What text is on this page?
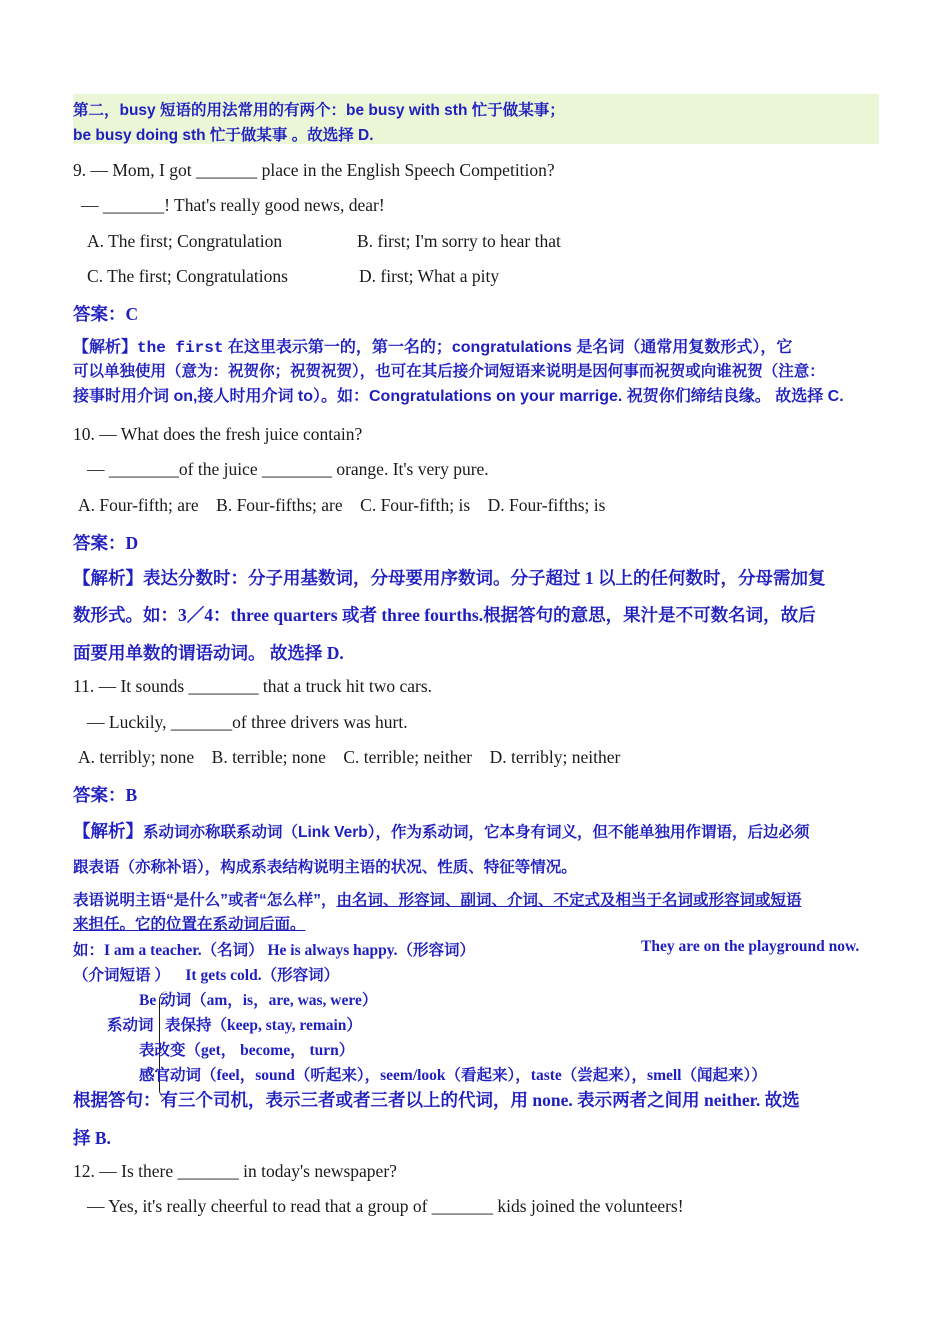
第二，busy 短语的用法常用的有两个：be busy with sth 忙于做某事；
be busy doing sth 忙于做某事 。故选择 D.
9. — Mom, I got _______ place in the English Speech Competition?
— _______! That's really good news, dear!
A. The first; Congratulation	B. first; I'm sorry to hear that
C. The first; Congratulations	D. first; What a pity
答案：C
【解析】the first 在这里表示第一的，第一名的；congratulations 是名词（通常用复数形式），它
可以单独使用（意为：祝贺你；祝贺祝贺），也可在其后接介词短语来说明是因何事而祝贺或向谁祝贺（注意：
接事时用介词 on,接人时用介词 to）。如：Congratulations on your marrige. 祝贺你们缔结良缘。 故选择 C.
10. — What does the fresh juice contain?
— ________of the juice ________ orange. It's very pure.
A. Four-fifth; are    B. Four-fifths; are    C. Four-fifth; is    D. Four-fifths; is
答案：D
【解析】表达分数时：分子用基数词，分母要用序数词。分子超过 1 以上的任何数时，分母需加复
数形式。如：3／4：three quarters 或者 three fourths.根据答句的意思，果汁是不可数名词，故后
面要用单数的谓语动词。 故选择 D.
11. — It sounds ________ that a truck hit two cars.
— Luckily, _______of three drivers was hurt.
A. terribly; none    B. terrible; none    C. terrible; neither    D. terribly; neither
答案：B
【解析】系动词亦称联系动词（Link Verb），作为系动词，它本身有词义，但不能单独用作谓语，后边必须
跟表语（亦称补语），构成系表结构说明主语的状况、性质、特征等情况。
表语说明主语“是什么”或者“怎么样”，由名词、形容词、副词、介词、不定式及相当于名词或形容词或短语
来担任。它的位置在系动词后面。
如：I am a teacher.（名词） He is always happy.（形容词）	They are on the playground now.
（介词短语 ）    It gets cold.（形容词）
Be 动词（am，is，are, was, were）
系动词 表保持（keep, stay, remain）
表改变（get， become， turn）
感官动词（feel，sound（听起来），seem/look（看起来），taste（尝起来），smell（闻起来））
根据答句：有三个司机，表示三者或者三者以上的代词，用 none. 表示两者之间用 neither. 故选
择 B.
12. — Is there _______ in today's newspaper?
— Yes, it's really cheerful to read that a group of _______ kids joined the volunteers!
